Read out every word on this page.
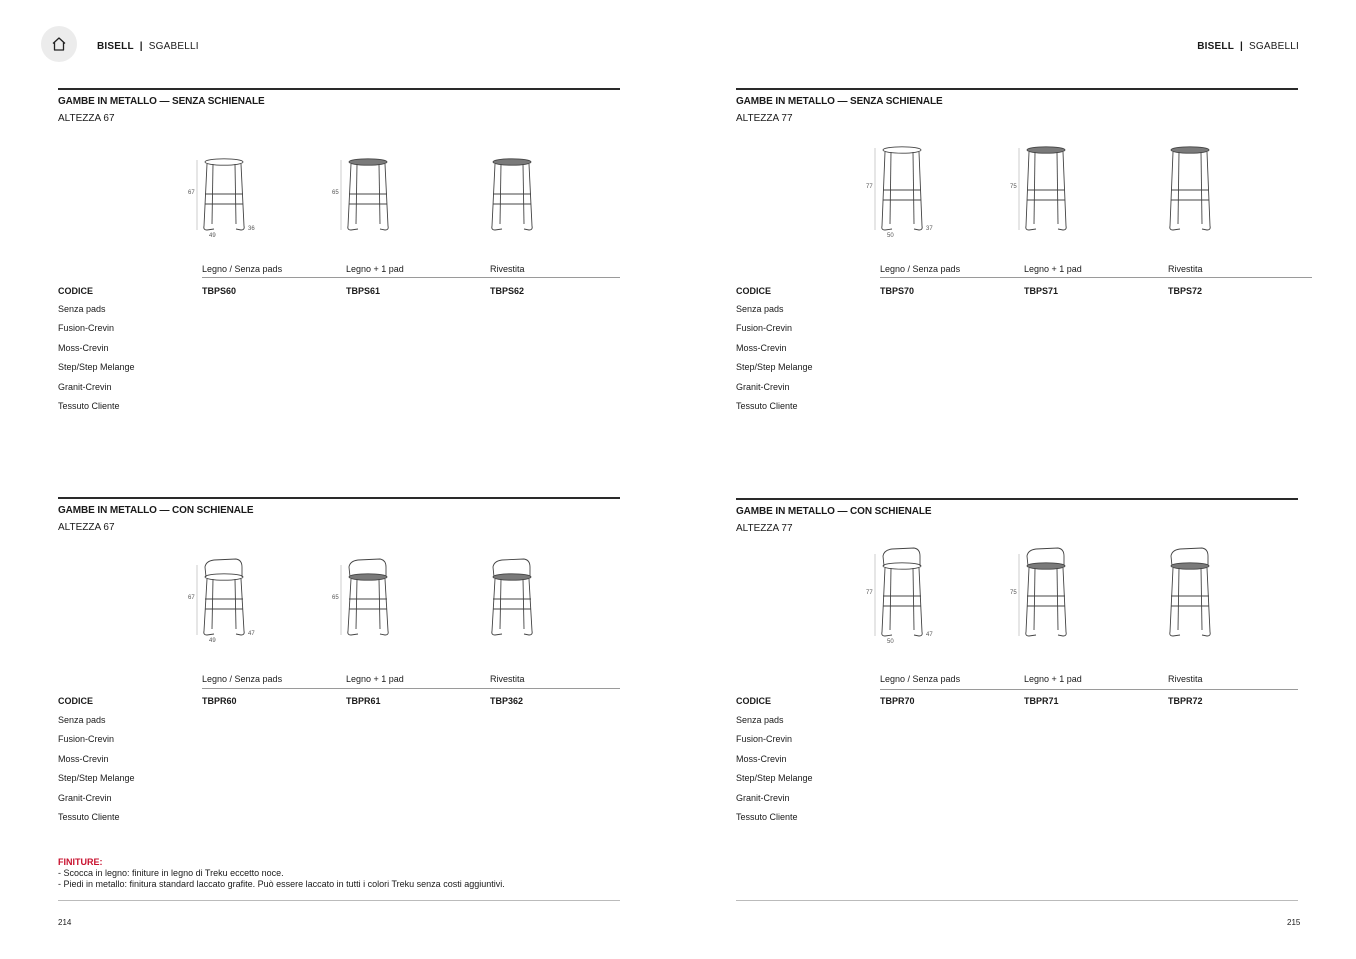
BISELL | SGABELLI	BISELL | SGABELLI
GAMBE IN METALLO — SENZA SCHIENALE
ALTEZZA 67
67
49
36
65
Legno / Senza pads	Legno + 1 pad	Rivestita
CODICE	TBPS60	TBPS61	TBPS62
Senza pads
Fusion-Crevin
Moss-Crevin
Step/Step Melange
Granit-Crevin
Tessuto Cliente
GAMBE IN METALLO — SENZA SCHIENALE
ALTEZZA 77
77
50
37
75
Legno / Senza pads	Legno + 1 pad	Rivestita
CODICE	TBPS70	TBPS71	TBPS72
Senza pads
Fusion-Crevin
Moss-Crevin
Step/Step Melange
Granit-Crevin
Tessuto Cliente
GAMBE IN METALLO — CON SCHIENALE
ALTEZZA 67
67
49
47
65
Legno / Senza pads	Legno + 1 pad	Rivestita
CODICE	TBPR60	TBPR61	TBP362
Senza pads
Fusion-Crevin
Moss-Crevin
Step/Step Melange
Granit-Crevin
Tessuto Cliente
GAMBE IN METALLO — CON SCHIENALE
ALTEZZA 77
77
50
47
75
Legno / Senza pads	Legno + 1 pad	Rivestita
CODICE	TBPR70	TBPR71	TBPR72
Senza pads
Fusion-Crevin
Moss-Crevin
Step/Step Melange
Granit-Crevin
Tessuto Cliente
FINITURE:
- Scocca in legno: finiture in legno di Treku eccetto noce.
- Piedi in metallo: finitura standard laccato grafite. Può essere laccato in tutti i colori Treku senza costi aggiuntivi.
214	215
